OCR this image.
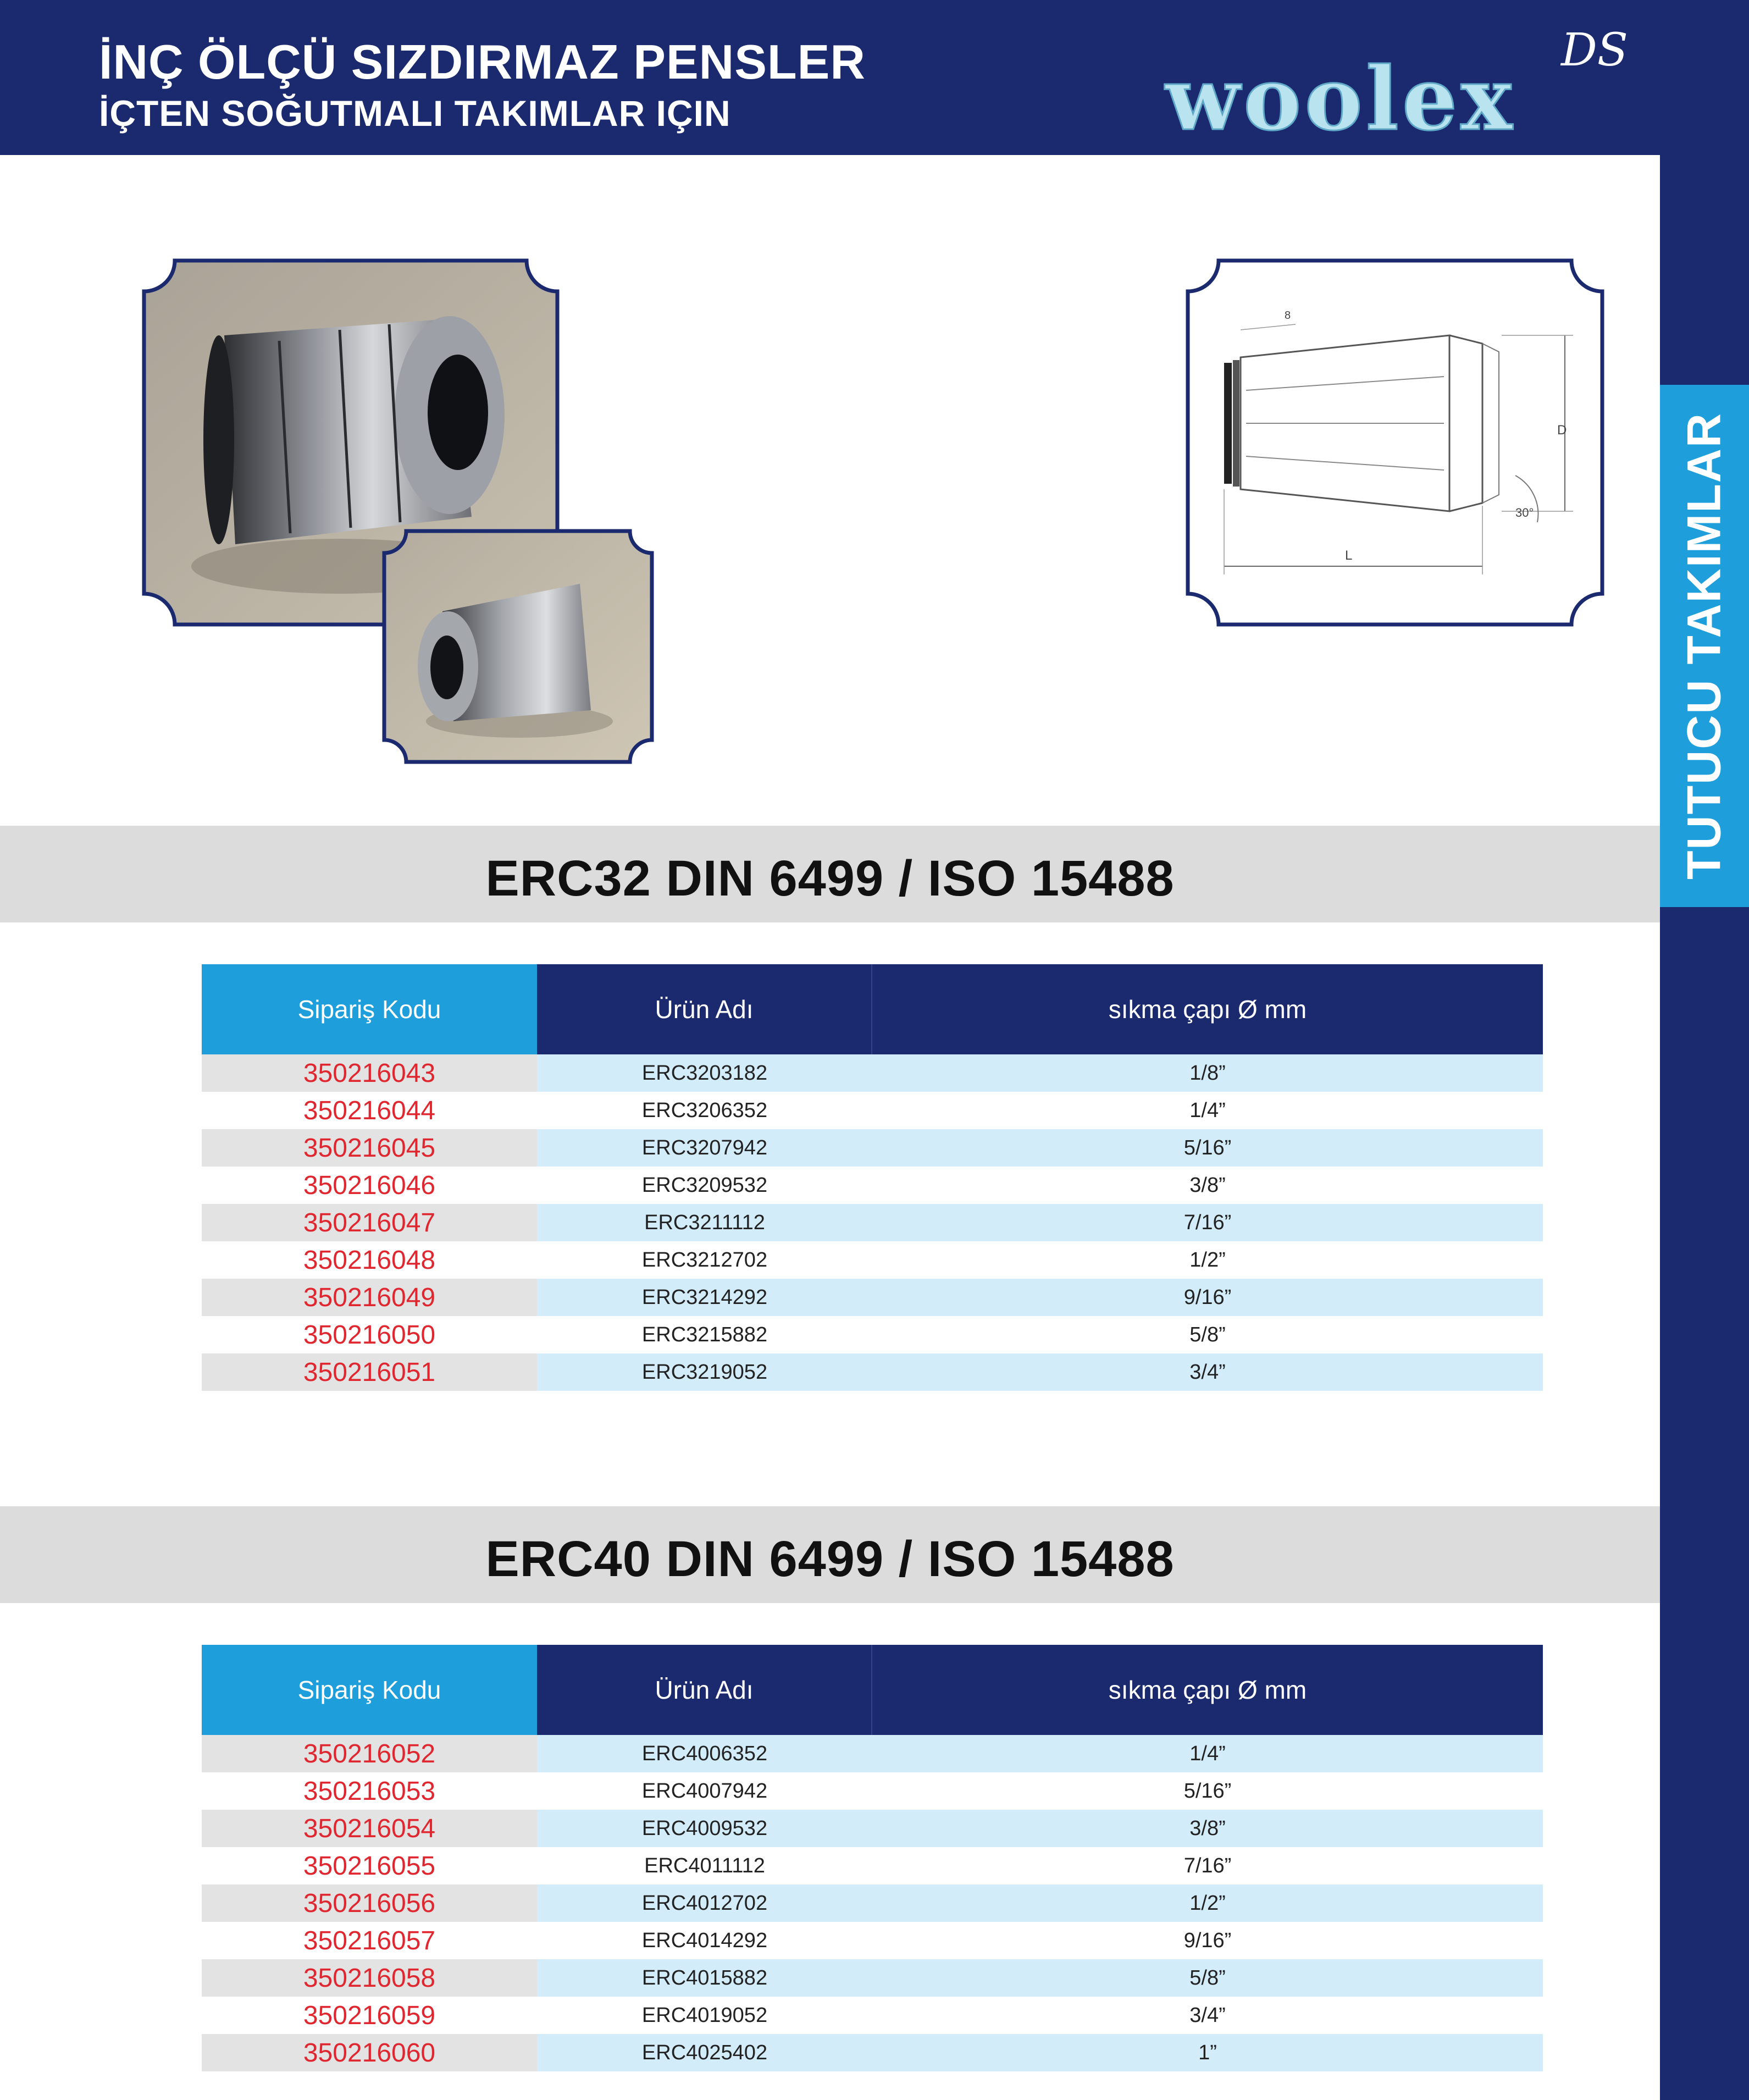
İNÇ ÖLÇÜ SIZDIRMAZ PENSLER
İÇTEN SOĞUTMALI TAKIMLAR IÇIN	woolex DS
TUTUCU TAKIMLAR
L
D
30°
8
ERC32 DIN 6499 / ISO 15488
Sipariş Kodu	Ürün Adı	sıkma çapı Ø mm
350216043	ERC3203182	1/8”
350216044	ERC3206352	1/4”
350216045	ERC3207942	5/16”
350216046	ERC3209532	3/8”
350216047	ERC3211112	7/16”
350216048	ERC3212702	1/2”
350216049	ERC3214292	9/16”
350216050	ERC3215882	5/8”
350216051	ERC3219052	3/4”
ERC40 DIN 6499 / ISO 15488
Sipariş Kodu	Ürün Adı	sıkma çapı Ø mm
350216052	ERC4006352	1/4”
350216053	ERC4007942	5/16”
350216054	ERC4009532	3/8”
350216055	ERC4011112	7/16”
350216056	ERC4012702	1/2”
350216057	ERC4014292	9/16”
350216058	ERC4015882	5/8”
350216059	ERC4019052	3/4”
350216060	ERC4025402	1”
